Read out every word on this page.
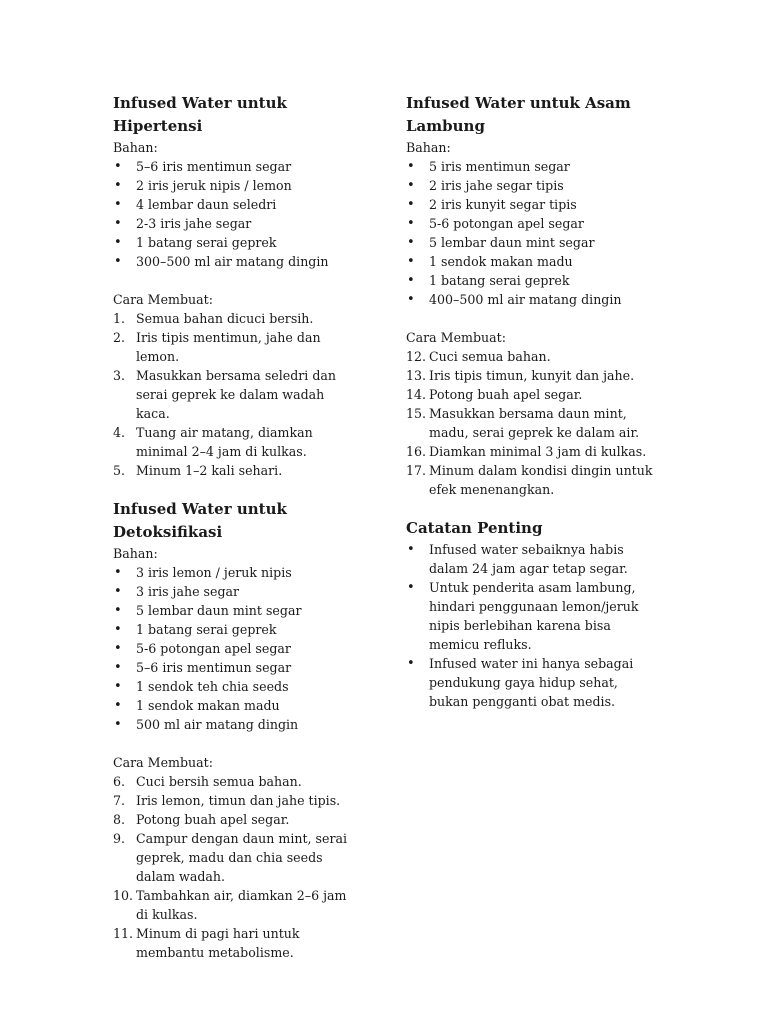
Infused Water untuk Hipertensi

Bahan:

• 5–6 iris mentimun segar
• 2 iris jeruk nipis / lemon
• 4 lembar daun seledri
• 2-3 iris jahe segar
• 1 batang serai geprek
• 300–500 ml air matang dingin

Cara Membuat:

1. Semua bahan dicuci bersih.
2. Iris tipis mentimun, jahe dan lemon.
3. Masukkan bersama seledri dan serai geprek ke dalam wadah kaca.
4. Tuang air matang, diamkan minimal 2–4 jam di kulkas.
5. Minum 1–2 kali sehari.
Infused Water untuk Detoksifikasi

Bahan:

• 3 iris lemon / jeruk nipis
• 3 iris jahe segar
• 5 lembar daun mint segar
• 1 batang serai geprek
• 5-6 potongan apel segar
• 5–6 iris mentimun segar
• 1 sendok teh chia seeds
• 1 sendok makan madu
• 500 ml air matang dingin

Cara Membuat:

6. Cuci bersih semua bahan.
7. Iris lemon, timun dan jahe tipis.
8. Potong buah apel segar.
9. Campur dengan daun mint, serai geprek, madu dan chia seeds dalam wadah.
10. Tambahkan air, diamkan 2–6 jam di kulkas.
11. Minum di pagi hari untuk membantu metabolisme.
Infused Water untuk Asam Lambung

Bahan:

• 5 iris mentimun segar
• 2 iris jahe segar tipis
• 2 iris kunyit segar tipis
• 5-6 potongan apel segar
• 5 lembar daun mint segar
• 1 sendok makan madu
• 1 batang serai geprek
• 400–500 ml air matang dingin

Cara Membuat:

12. Cuci semua bahan.
13. Iris tipis timun, kunyit dan jahe.
14. Potong buah apel segar.
15. Masukkan bersama daun mint, madu, serai geprek ke dalam air.
16. Diamkan minimal 3 jam di kulkas.
17. Minum dalam kondisi dingin untuk efek menenangkan.
Catatan Penting
• Infused water sebaiknya habis dalam 24 jam agar tetap segar.
• Untuk penderita asam lambung, hindari penggunaan lemon/jeruk nipis berlebihan karena bisa memicu refluks.
• Infused water ini hanya sebagai pendukung gaya hidup sehat, bukan pengganti obat medis.
